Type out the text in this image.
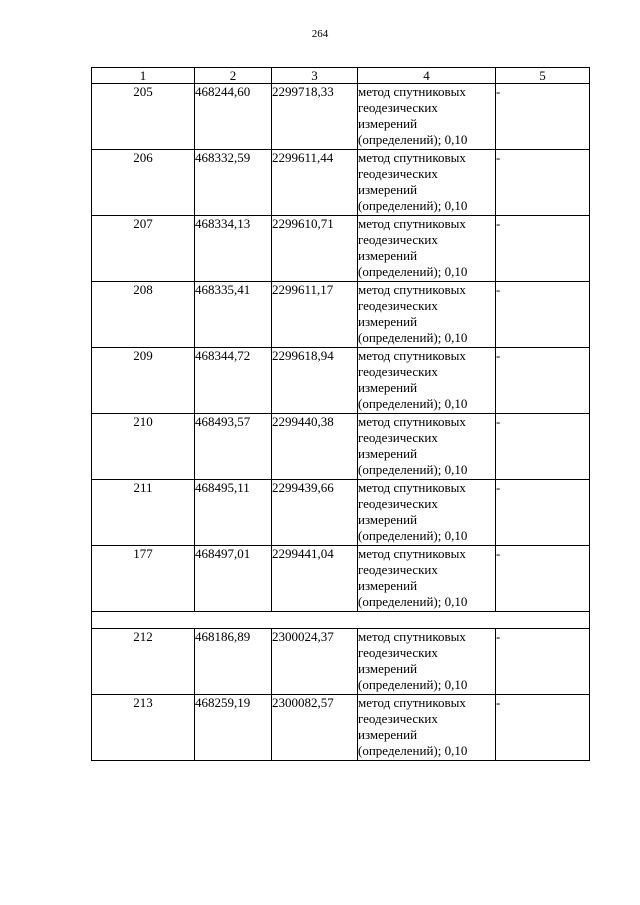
264
1	2	3	4	5
205	468244,60	2299718,33	метод спутниковых
геодезических
измерений
(определений); 0,10	-
206	468332,59	2299611,44	метод спутниковых
геодезических
измерений
(определений); 0,10	-
207	468334,13	2299610,71	метод спутниковых
геодезических
измерений
(определений); 0,10	-
208	468335,41	2299611,17	метод спутниковых
геодезических
измерений
(определений); 0,10	-
209	468344,72	2299618,94	метод спутниковых
геодезических
измерений
(определений); 0,10	-
210	468493,57	2299440,38	метод спутниковых
геодезических
измерений
(определений); 0,10	-
211	468495,11	2299439,66	метод спутниковых
геодезических
измерений
(определений); 0,10	-
177	468497,01	2299441,04	метод спутниковых
геодезических
измерений
(определений); 0,10	-

212	468186,89	2300024,37	метод спутниковых
геодезических
измерений
(определений); 0,10	-
213	468259,19	2300082,57	метод спутниковых
геодезических
измерений
(определений); 0,10	-
